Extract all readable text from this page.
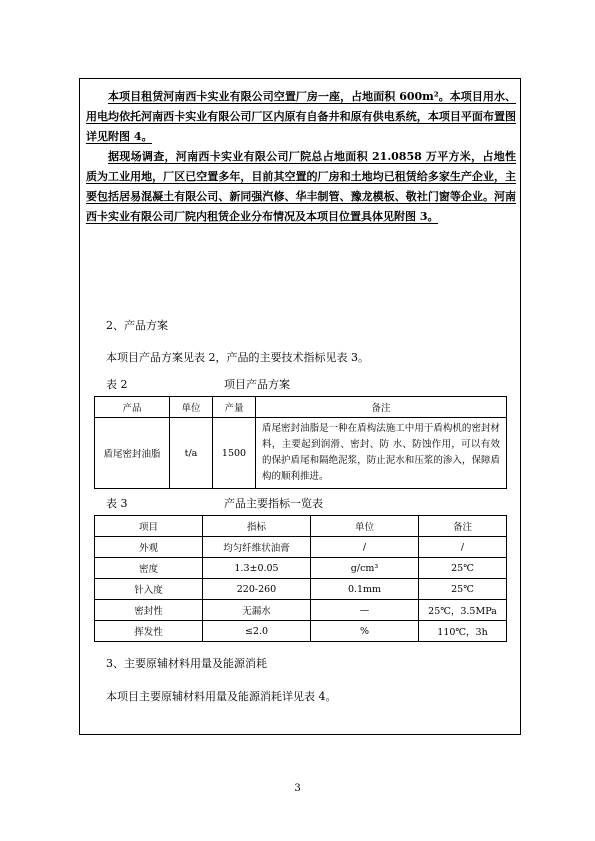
本项目租赁河南西卡实业有限公司空置厂房一座，占地面积 600m²。本项目用水、用电均依托河南西卡实业有限公司厂区内原有自备井和原有供电系统，本项目平面布置图详见附图 4。

据现场调查，河南西卡实业有限公司厂院总占地面积 21.0858 万平方米，占地性质为工业用地，厂区已空置多年，目前其空置的厂房和土地均已租赁给多家生产企业，主要包括居易混凝土有限公司、新同强汽修、华丰制管、豫龙模板、敬社门窗等企业。河南西卡实业有限公司厂院内租赁企业分布情况及本项目位置具体见附图 3。

2、产品方案
本项目产品方案见表 2，产品的主要技术指标见表 3。
表 2	项目产品方案
产品	单位	产量	备注
盾尾密封油脂	t/a	1500	盾尾密封油脂是一种在盾构法施工中用于盾构机的密封材料，主要起到润滑、密封、防 水、防蚀作用，可以有效的保护盾尾和隔绝泥浆，防止泥水和压浆的渗入，保障盾构的顺利推进。
表 3	产品主要指标一览表
项目	指标	单位	备注
外观	均匀纤维状油膏	/	/
密度	1.3±0.05	g/cm³	25℃
针入度	220-260	0.1mm	25℃
密封性	无漏水	—	25℃，3.5MPa
挥发性	≤2.0	%	110℃，3h
3、主要原辅材料用量及能源消耗
本项目主要原辅材料用量及能源消耗详见表 4。
3
